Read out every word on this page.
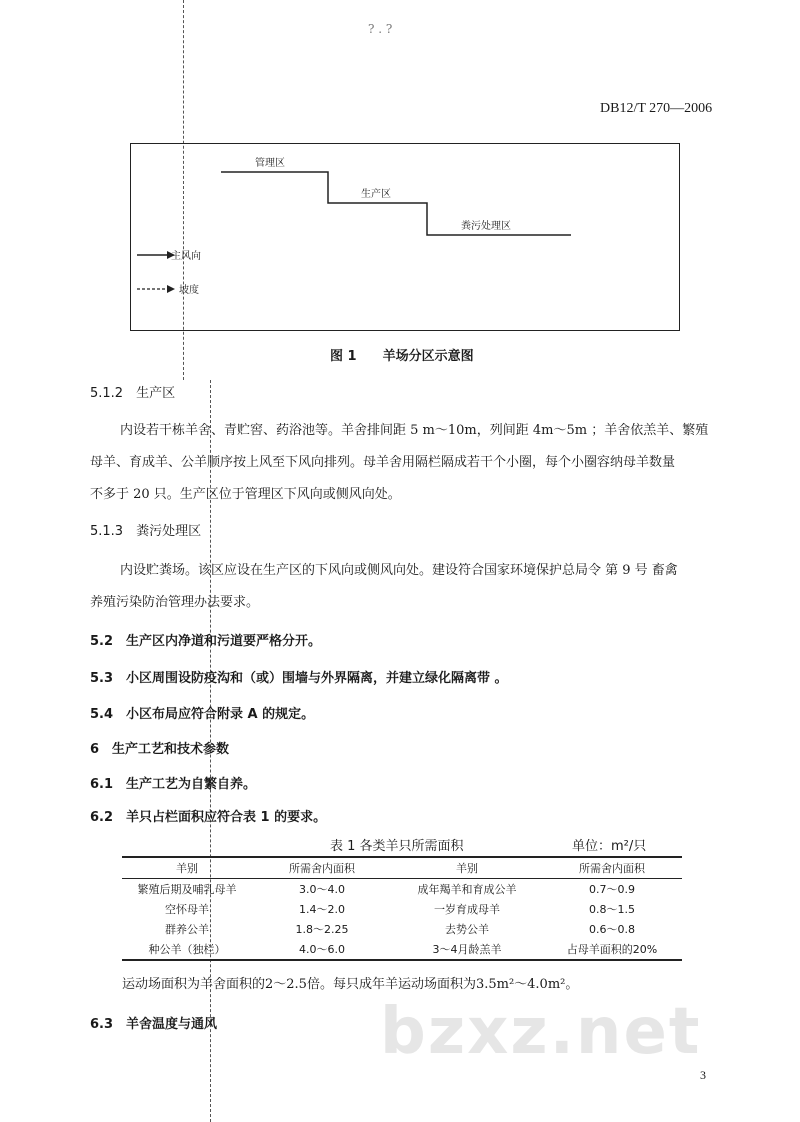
? . ?
DB12/T 270—2006
管理区
生产区
粪污处理区
主风向
坡度
图 1　　羊场分区示意图
5.1.2　生产区
内设若干栋羊舍、青贮窖、药浴池等。羊舍排间距 5 m～10m，列间距 4m～5m ；羊舍依羔羊、繁殖
母羊、育成羊、公羊顺序按上风至下风向排列。母羊舍用隔栏隔成若干个小圈，每个小圈容纳母羊数量
不多于 20 只。生产区位于管理区下风向或侧风向处。
5.1.3　粪污处理区
内设贮粪场。该区应设在生产区的下风向或侧风向处。建设符合国家环境保护总局令 第 9 号 畜禽
养殖污染防治管理办法要求。
5.2　生产区内净道和污道要严格分开。
5.3　小区周围设防疫沟和（或）围墙与外界隔离，并建立绿化隔离带 。
5.4　小区布局应符合附录 A 的规定。
6　生产工艺和技术参数
6.1　生产工艺为自繁自养。
6.2　羊只占栏面积应符合表 1 的要求。
表 1 各类羊只所需面积	单位：m²/只
羊别	所需舍内面积	羊别	所需舍内面积
繁殖后期及哺乳母羊	3.0～4.0	成年羯羊和育成公羊	0.7～0.9
空怀母羊	1.4～2.0	一岁育成母羊	0.8～1.5
群养公羊	1.8～2.25	去势公羊	0.6～0.8
种公羊（独栏）	4.0～6.0	3～4月龄羔羊	占母羊面积的20%
运动场面积为羊舍面积的2～2.5倍。每只成年羊运动场面积为3.5m²～4.0m²。
6.3　羊舍温度与通风	bzxz.net
3
